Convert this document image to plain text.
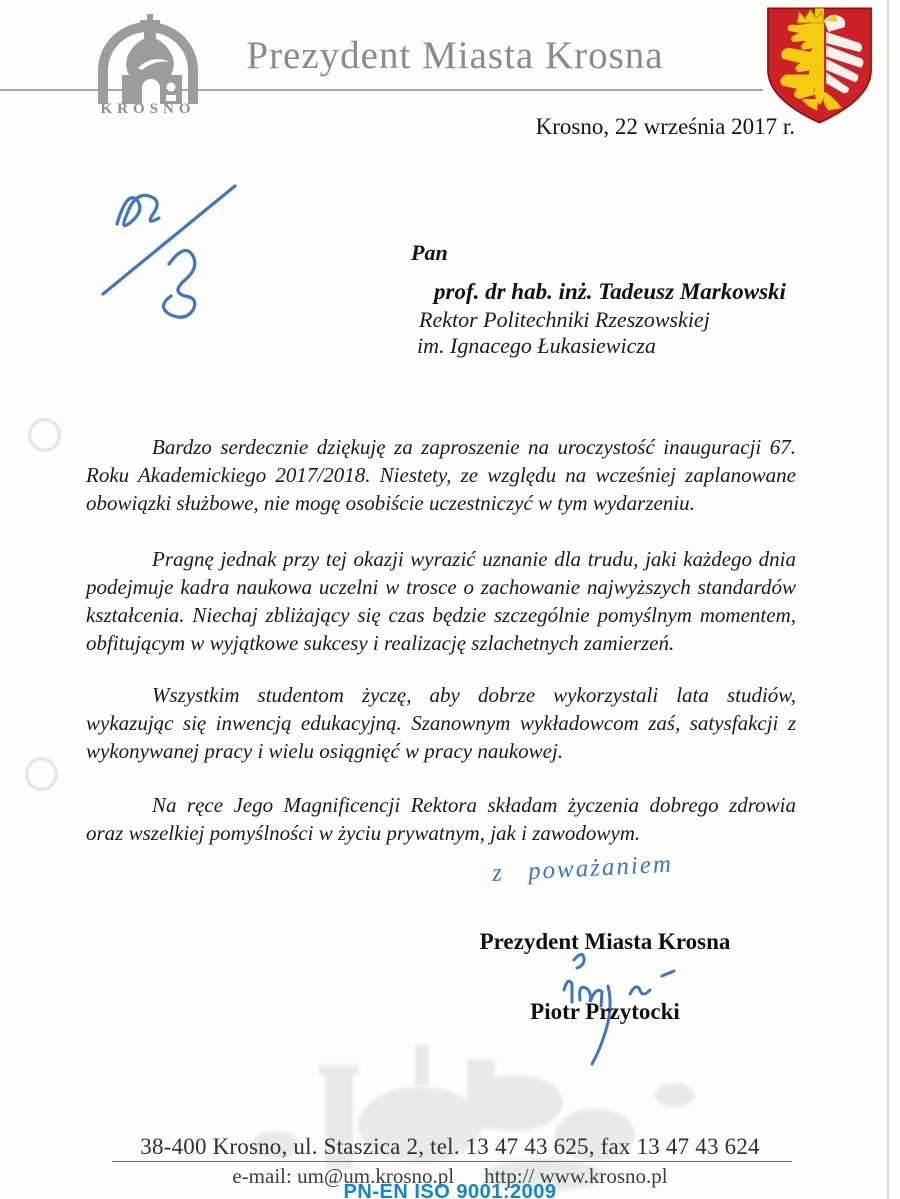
KROSNO
Prezydent Miasta Krosna
Krosno, 22 września 2017 r.
Pan
prof. dr hab. inż. Tadeusz Markowski
Rektor Politechniki Rzeszowskiej
im. Ignacego Łukasiewicza

Bardzo serdecznie dziękuję za zaproszenie na uroczystość inauguracji 67. Roku Akademickiego 2017/2018. Niestety, ze względu na wcześniej zaplanowane obowiązki służbowe, nie mogę osobiście uczestniczyć w tym wydarzeniu.

Pragnę jednak przy tej okazji wyrazić uznanie dla trudu, jaki każdego dnia podejmuje kadra naukowa uczelni w trosce o zachowanie najwyższych standardów kształcenia. Niechaj zbliżający się czas będzie szczególnie pomyślnym momentem, obfitującym w wyjątkowe sukcesy i realizację szlachetnych zamierzeń.

Wszystkim studentom życzę, aby dobrze wykorzystali lata studiów, wykazując się inwencją edukacyjną. Szanownym wykładowcom zaś, satysfakcji z wykonywanej pracy i wielu osiągnięć w pracy naukowej.

Na ręce Jego Magnificencji Rektora składam życzenia dobrego zdrowia oraz wszelkiej pomyślności w życiu prywatnym, jak i zawodowym.

z poważaniem
Prezydent Miasta Krosna
Piotr Przytocki
38-400 Krosno, ul. Staszica 2, tel. 13 47 43 625, fax 13 47 43 624
e-mail: um@um.krosno.pl http:// www.krosno.pl
PN-EN ISO 9001:2009
